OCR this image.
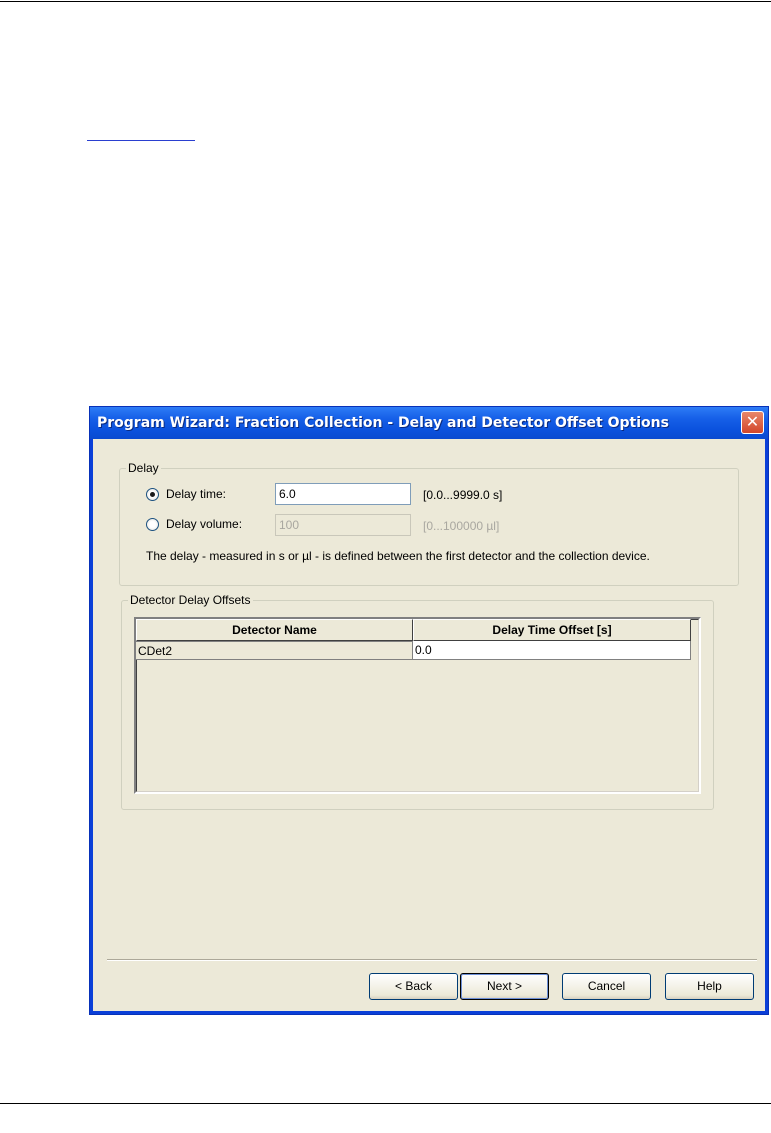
Program Wizard: Fraction Collection - Delay and Detector Offset Options	✕
Delay
Delay time:	6.0	[0.0...9999.0 s]
Delay volume:	100	[0...100000 µl]
The delay - measured in s or µl - is defined between the first detector and the collection device.
Detector Delay Offsets
Detector Name	Delay Time Offset [s]
CDet2	0.0
< Back	Next >	Cancel	Help
